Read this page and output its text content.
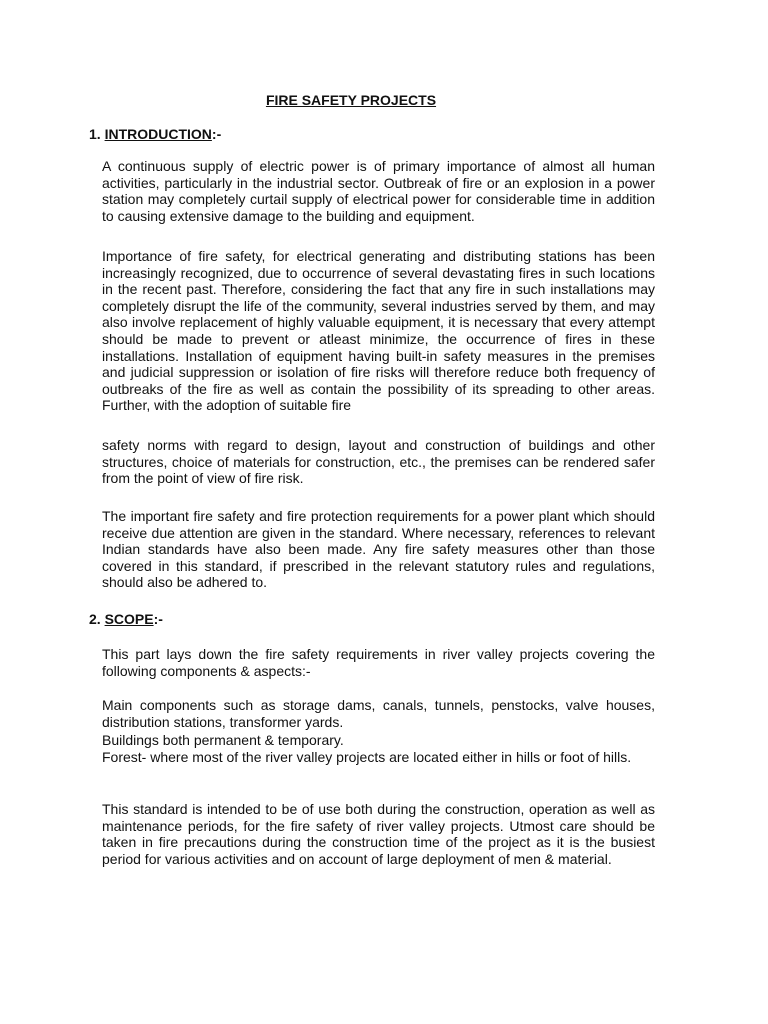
FIRE SAFETY PROJECTS
1. INTRODUCTION:-

A continuous supply of electric power is of primary importance of almost all human activities, particularly in the industrial sector. Outbreak of fire or an explosion in a power station may completely curtail supply of electrical power for considerable time in addition to causing extensive damage to the building and equipment.

Importance of fire safety, for electrical generating and distributing stations has been increasingly recognized, due to occurrence of several devastating fires in such locations in the recent past. Therefore, considering the fact that any fire in such installations may completely disrupt the life of the community, several industries served by them, and may also involve replacement of highly valuable equipment, it is necessary that every attempt should be made to prevent or atleast minimize, the occurrence of fires in these installations. Installation of equipment having built-in safety measures in the premises and judicial suppression or isolation of fire risks will therefore reduce both frequency of outbreaks of the fire as well as contain the possibility of its spreading to other areas. Further, with the adoption of suitable fire

safety norms with regard to design, layout and construction of buildings and other structures, choice of materials for construction, etc., the premises can be rendered safer from the point of view of fire risk.

The important fire safety and fire protection requirements for a power plant which should receive due attention are given in the standard. Where necessary, references to relevant Indian standards have also been made. Any fire safety measures other than those covered in this standard, if prescribed in the relevant statutory rules and regulations, should also be adhered to.

2. SCOPE:-

This part lays down the fire safety requirements in river valley projects covering the following components & aspects:-

Main components such as storage dams, canals, tunnels, penstocks, valve houses, distribution stations, transformer yards.

Buildings both permanent & temporary.

Forest- where most of the river valley projects are located either in hills or foot of hills.

This standard is intended to be of use both during the construction, operation as well as maintenance periods, for the fire safety of river valley projects. Utmost care should be taken in fire precautions during the construction time of the project as it is the busiest period for various activities and on account of large deployment of men & material.
